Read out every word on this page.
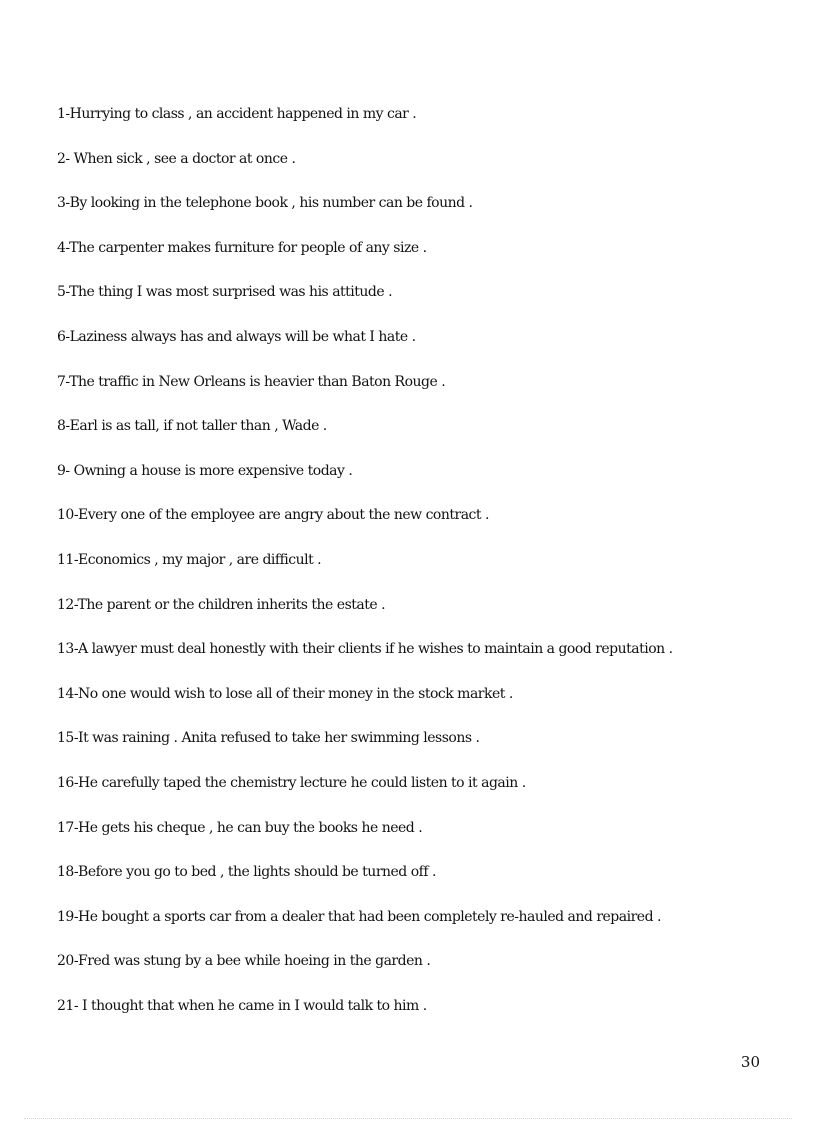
1-Hurrying to class , an accident happened in my car .
2- When sick , see a doctor at once .
3-By looking in the telephone book , his number can be found .
4-The carpenter makes furniture for people of any size .
5-The thing I was most surprised was his attitude .
6-Laziness always has and always will be what I hate .
7-The traffic in New Orleans is heavier than Baton Rouge .
8-Earl is as tall, if not taller than , Wade .
9- Owning a house is more expensive today .
10-Every one of the employee are angry about the new contract .
11-Economics , my major , are difficult .
12-The parent or the children inherits the estate .
13-A lawyer must deal honestly with their clients if he wishes to maintain a good reputation .
14-No one would wish to lose all of their money in the stock market .
15-It was raining . Anita refused to take her swimming lessons .
16-He carefully taped the chemistry lecture he could listen to it again .
17-He gets his cheque , he can buy the books he need .
18-Before you go to bed , the lights should be turned off .
19-He bought a sports car from a dealer that had been completely re-hauled and repaired .
20-Fred was stung by a bee while hoeing in the garden .
21- I thought that when he came in I would talk to him .
30
